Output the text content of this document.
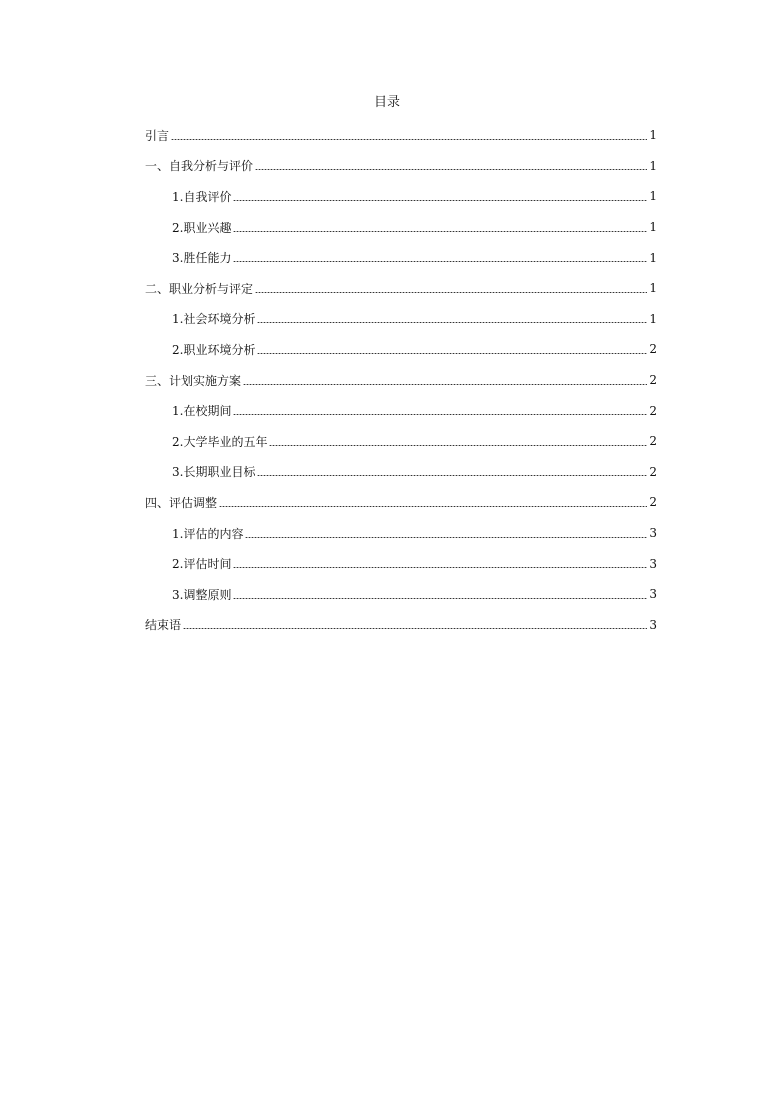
目录
引言	1
一、自我分析与评价	1
1.自我评价	1
2.职业兴趣	1
3.胜任能力	1
二、职业分析与评定	1
1.社会环境分析	1
2.职业环境分析	2
三、计划实施方案	2
1.在校期间	2
2.大学毕业的五年	2
3.长期职业目标	2
四、评估调整	2
1.评估的内容	3
2.评估时间	3
3.调整原则	3
结束语	3
